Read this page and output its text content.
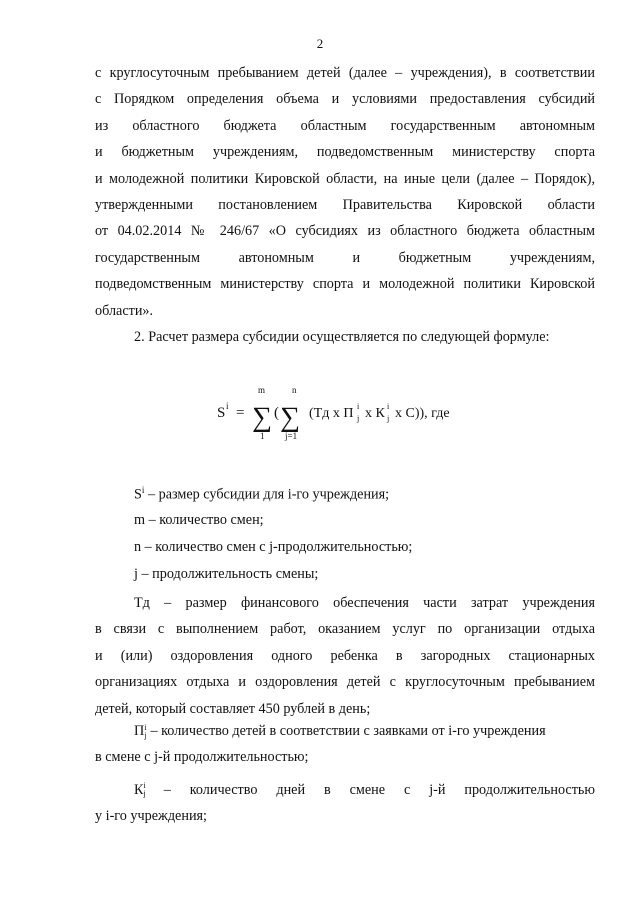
2
с круглосуточным пребыванием детей (далее – учреждения), в соответствии
с Порядком определения объема и условиями предоставления субсидий
из областного бюджета областным государственным автономным
и бюджетным учреждениям, подведомственным министерству спорта
и молодежной политики Кировской области, на иные цели (далее – Порядок),
утвержденными постановлением Правительства Кировской области
от 04.02.2014 № 246/67 «О субсидиях из областного бюджета областным
государственным автономным и бюджетным учреждениям,
подведомственным министерству спорта и молодежной политики Кировской
области».
2. Расчет размера субсидии осуществляется по следующей формуле:
S i =
m
∑
1
(
n
∑
j=1
(Тд x П i
j x К i
j x С)), где
$S^i$ – размер субсидии для i-го учреждения;
m – количество смен;
n – количество смен с j-продолжительностью;
j – продолжительность смены;
Тд – размер финансового обеспечения части затрат учреждения
в связи с выполнением работ, оказанием услуг по организации отдыха
и (или) оздоровления одного ребенка в загородных стационарных
организациях отдыха и оздоровления детей с круглосуточным пребыванием
детей, который составляет 450 рублей в день;
П i
j – количество детей в соответствии с заявками от i-го учреждения
в смене с j-й продолжительностью;
К i
j – количество дней в смене с j-й продолжительностью
у i-го учреждения;
